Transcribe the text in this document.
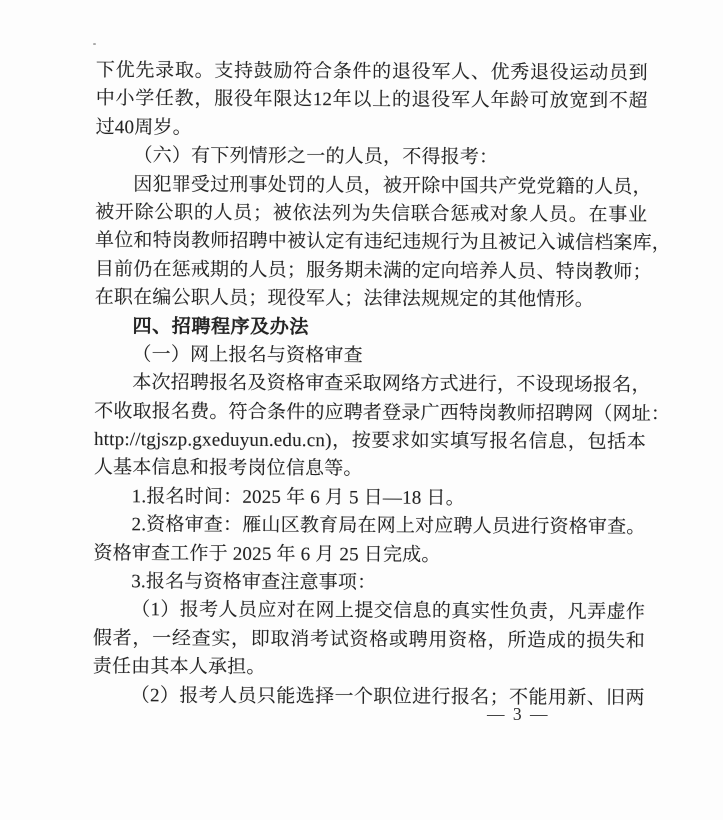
下优先录取。支持鼓励符合条件的退役军人、优秀退役运动员到
中小学任教，服役年限达12年以上的退役军人年龄可放宽到不超
过40周岁。
（六）有下列情形之一的人员，不得报考：
因犯罪受过刑事处罚的人员，被开除中国共产党党籍的人员，
被开除公职的人员；被依法列为失信联合惩戒对象人员。在事业
单位和特岗教师招聘中被认定有违纪违规行为且被记入诚信档案库，
目前仍在惩戒期的人员；服务期未满的定向培养人员、特岗教师；
在职在编公职人员；现役军人；法律法规规定的其他情形。
四、招聘程序及办法
（一）网上报名与资格审查
本次招聘报名及资格审查采取网络方式进行，不设现场报名，
不收取报名费。符合条件的应聘者登录广西特岗教师招聘网（网址：
http://tgjszp.gxeduyun.edu.cn)，按要求如实填写报名信息，包括本
人基本信息和报考岗位信息等。
1.报名时间：2025 年 6 月 5 日—18 日。
2.资格审查：雁山区教育局在网上对应聘人员进行资格审查。
资格审查工作于 2025 年 6 月 25 日完成。
3.报名与资格审查注意事项：
（1）报考人员应对在网上提交信息的真实性负责，凡弄虚作
假者，一经查实，即取消考试资格或聘用资格，所造成的损失和
责任由其本人承担。
（2）报考人员只能选择一个职位进行报名；不能用新、旧两
— 3 —
